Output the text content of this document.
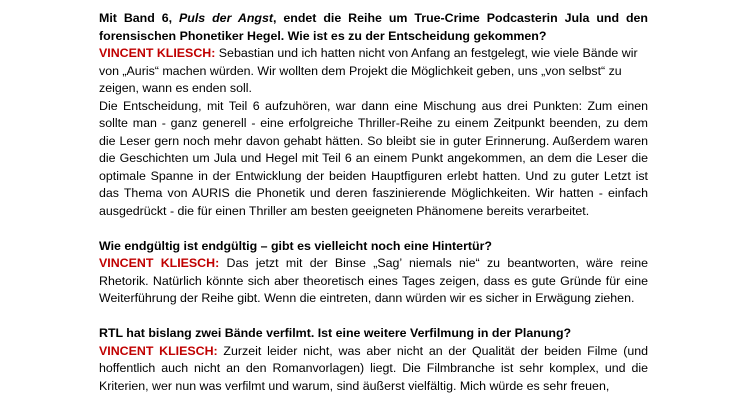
Mit Band 6, Puls der Angst, endet die Reihe um True-Crime Podcasterin Jula und den forensischen Phonetiker Hegel. Wie ist es zu der Entscheidung gekommen?

VINCENT KLIESCH: Sebastian und ich hatten nicht von Anfang an festgelegt, wie viele Bände wir von „Auris“ machen würden. Wir wollten dem Projekt die Möglichkeit geben, uns „von selbst“ zu zeigen, wann es enden soll.

Die Entscheidung, mit Teil 6 aufzuhören, war dann eine Mischung aus drei Punkten: Zum einen sollte man - ganz generell - eine erfolgreiche Thriller-Reihe zu einem Zeitpunkt beenden, zu dem die Leser gern noch mehr davon gehabt hätten. So bleibt sie in guter Erinnerung. Außerdem waren die Geschichten um Jula und Hegel mit Teil 6 an einem Punkt angekommen, an dem die Leser die optimale Spanne in der Entwicklung der beiden Hauptfiguren erlebt hatten. Und zu guter Letzt ist das Thema von AURIS die Phonetik und deren faszinierende Möglichkeiten. Wir hatten - einfach ausgedrückt - die für einen Thriller am besten geeigneten Phänomene bereits verarbeitet.

Wie endgültig ist endgültig – gibt es vielleicht noch eine Hintertür?

VINCENT KLIESCH: Das jetzt mit der Binse „Sag’ niemals nie“ zu beantworten, wäre reine Rhetorik. Natürlich könnte sich aber theoretisch eines Tages zeigen, dass es gute Gründe für eine Weiterführung der Reihe gibt. Wenn die eintreten, dann würden wir es sicher in Erwägung ziehen.

RTL hat bislang zwei Bände verfilmt. Ist eine weitere Verfilmung in der Planung?

VINCENT KLIESCH: Zurzeit leider nicht, was aber nicht an der Qualität der beiden Filme (und hoffentlich auch nicht an den Romanvorlagen) liegt. Die Filmbranche ist sehr komplex, und die Kriterien, wer nun was verfilmt und warum, sind äußerst vielfältig. Mich würde es sehr freuen,
